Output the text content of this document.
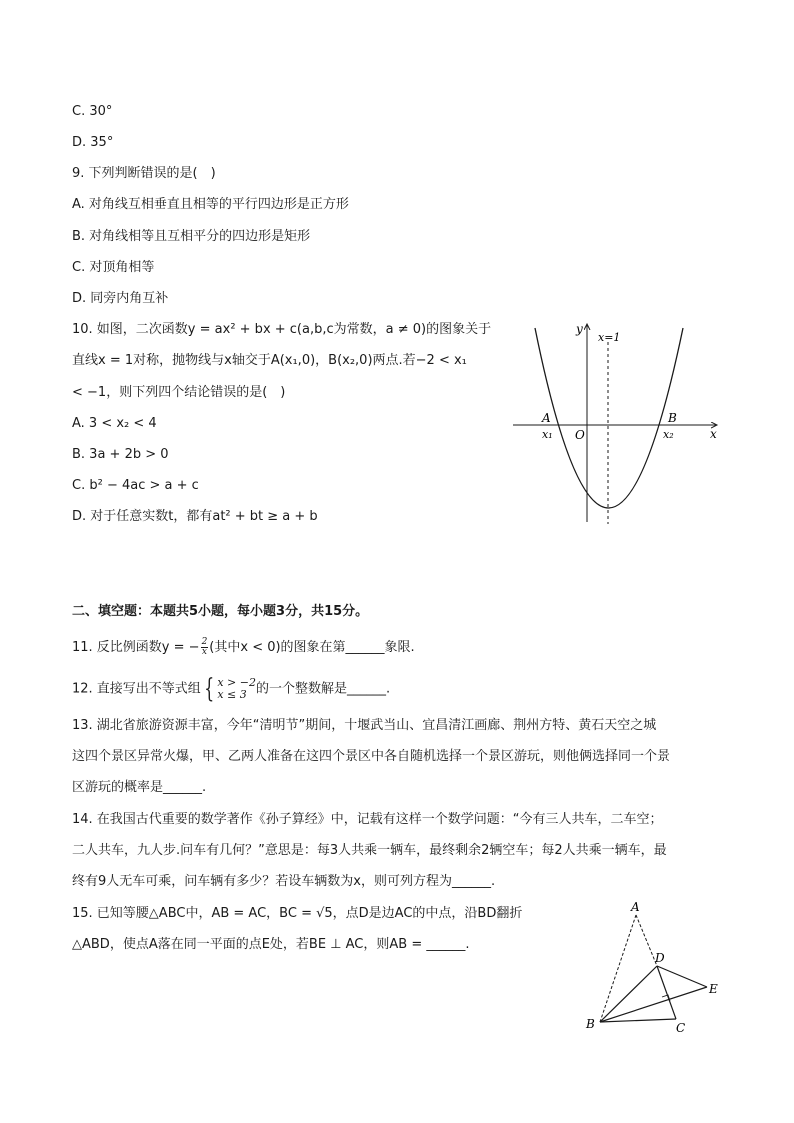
C. 30°
D. 35°
9. 下列判断错误的是(　)
A. 对角线互相垂直且相等的平行四边形是正方形
B. 对角线相等且互相平分的四边形是矩形
C. 对顶角相等
D. 同旁内角互补
10. 如图，二次函数y = ax² + bx + c(a,b,c为常数，a ≠ 0)的图象关于
直线x = 1对称，抛物线与x轴交于A(x₁,0)，B(x₂,0)两点.若−2 < x₁
< −1，则下列四个结论错误的是(　)
A. 3 < x₂ < 4
B. 3a + 2b > 0
C. b² − 4ac > a + c
D. 对于任意实数t，都有at² + bt ≥ a + b
y
x
x=1
O
A	B
x₁	x₂
二、填空题：本题共5小题，每小题3分，共15分。
11. 反比例函数y = − $\frac{2}{x}$ (其中x < 0)的图象在第______象限.
12. 直接写出不等式组 { x > −2
x ≤ 3 的一个整数解是______.
13. 湖北省旅游资源丰富，今年“清明节”期间，十堰武当山、宜昌清江画廊、荆州方特、黄石天空之城
这四个景区异常火爆，甲、乙两人准备在这四个景区中各自随机选择一个景区游玩，则他俩选择同一个景
区游玩的概率是______.
14. 在我国古代重要的数学著作《孙子算经》中，记载有这样一个数学问题：“今有三人共车，二车空；
二人共车，九人步.问车有几何？”意思是：每3人共乘一辆车，最终剩余2辆空车；每2人共乘一辆车，最
终有9人无车可乘，问车辆有多少？若设车辆数为x，则可列方程为______.
15. 已知等腰△ABC中，AB = AC，BC = √5，点D是边AC的中点，沿BD翻折
△ABD，使点A落在同一平面的点E处，若BE ⊥ AC，则AB = ______.
A
B	C
D
E
